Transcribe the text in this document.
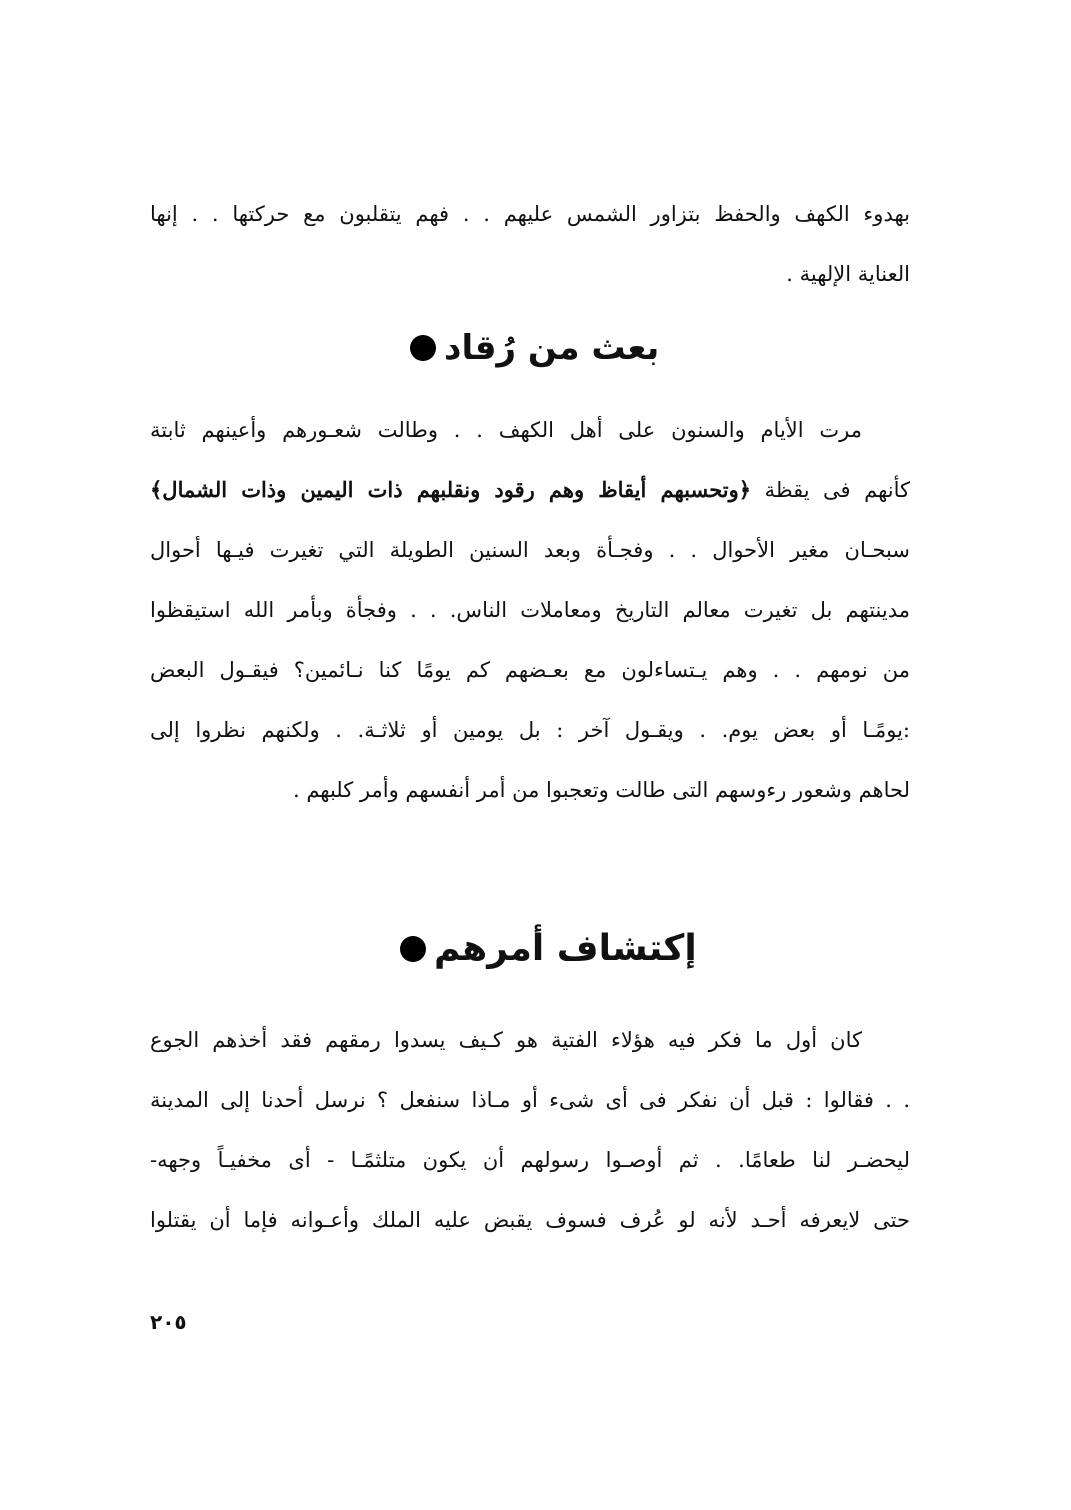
بهدوء الكهف والحفظ بتزاور الشمس عليهم . . فهم يتقلبون مع حركتها . . إنها
العناية الإلهية .
بعث من رُقاد
مرت الأيام والسنون على أهل الكهف . . وطالت شعـورهم وأعينهم ثابتة
كأنهم فى يقظة ﴿وتحسبهم أيقاظ وهم رقود ونقلبهم ذات اليمين وذات الشمال﴾
سبحـان مغير الأحوال . . وفجـأة وبعد السنين الطويلة التي تغيرت فيـها أحوال
مدينتهم بل تغيرت معالم التاريخ ومعاملات الناس. . . وفجأة وبأمر الله استيقظوا
من نومهم . . وهم يـتساءلون مع بعـضهم كم يومًا كنا نـائمين؟ فيقـول البعض
:يومًـا أو بعض يوم. . ويقـول آخر : بل يومين أو ثلاثـة. . ولكنهم نظروا إلى
لحاهم وشعور رءوسهم التى طالت وتعجبوا من أمر أنفسهم وأمر كلبهم .
إكتشاف أمرهم
كان أول ما فكر فيه هؤلاء الفتية هو كـيف يسدوا رمقهم فقد أخذهم الجوع
. . فقالوا : قبل أن نفكر فى أى شىء أو مـاذا سنفعل ؟ نرسل أحدنا إلى المدينة
ليحضـر لنا طعامًا. . ثم أوصـوا رسولهم أن يكون متلثمًـا - أى مخفيـاً وجهه-
حتى لايعرفه أحـد لأنه لو عُرف فسوف يقبض عليه الملك وأعـوانه فإما أن يقتلوا
٢٠٥
